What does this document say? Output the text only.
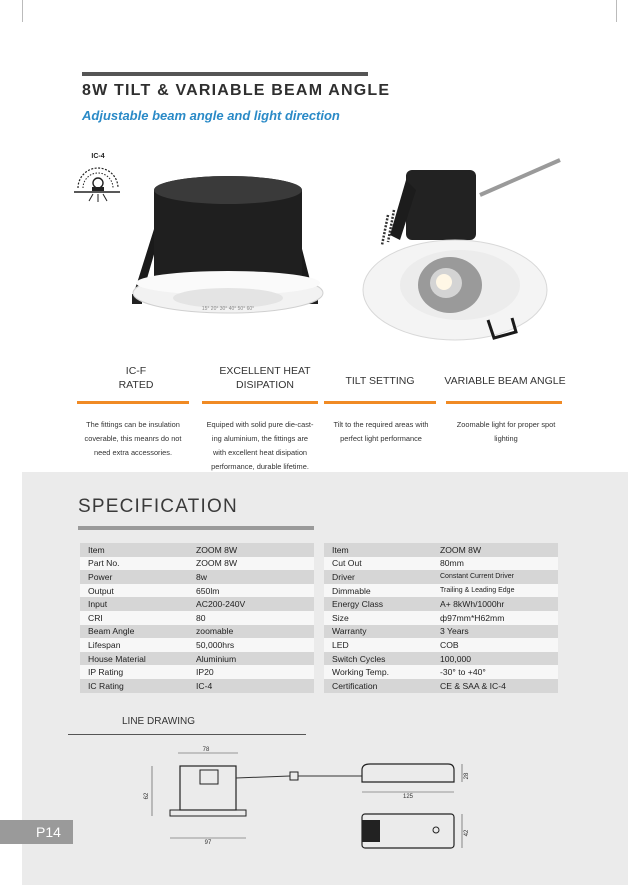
8W TILT & VARIABLE BEAM ANGLE
Adjustable beam angle and light direction
IC-4
15° 20° 30° 40° 50° 60°
IC-F
RATED
EXCELLENT HEAT
DISIPATION	TILT SETTING	VARIABLE BEAM ANGLE
The fittings can be insulation
coverable, this meanrs do not
need extra accessories.
Equiped with solid pure die-cast-
ing aluminium, the fittings are
with excellent heat disipation
performance, durable lifetime.
Tilt to the required areas with
perfect light performance
Zoomable light for proper spot
lighting
SPECIFICATION
Item	ZOOM 8W
Part No.	ZOOM 8W
Power	8w
Output	650lm
Input	AC200-240V
CRI	80
Beam Angle	zoomable
Lifespan	50,000hrs
House Material	Aluminium
IP Rating	IP20
IC Rating	IC-4
Item	ZOOM 8W
Cut Out	80mm
Driver	Constant Current Driver
Dimmable	Trailing & Leading Edge
Energy Class	A+ 8kWh/1000hr
Size	ф97mm*H62mm
Warranty	3 Years
LED	COB
Switch Cycles	100,000
Working Temp.	-30° to +40°
Certification	CE & SAA & IC-4
LINE DRAWING
78
62
97
28
125
42
P14
